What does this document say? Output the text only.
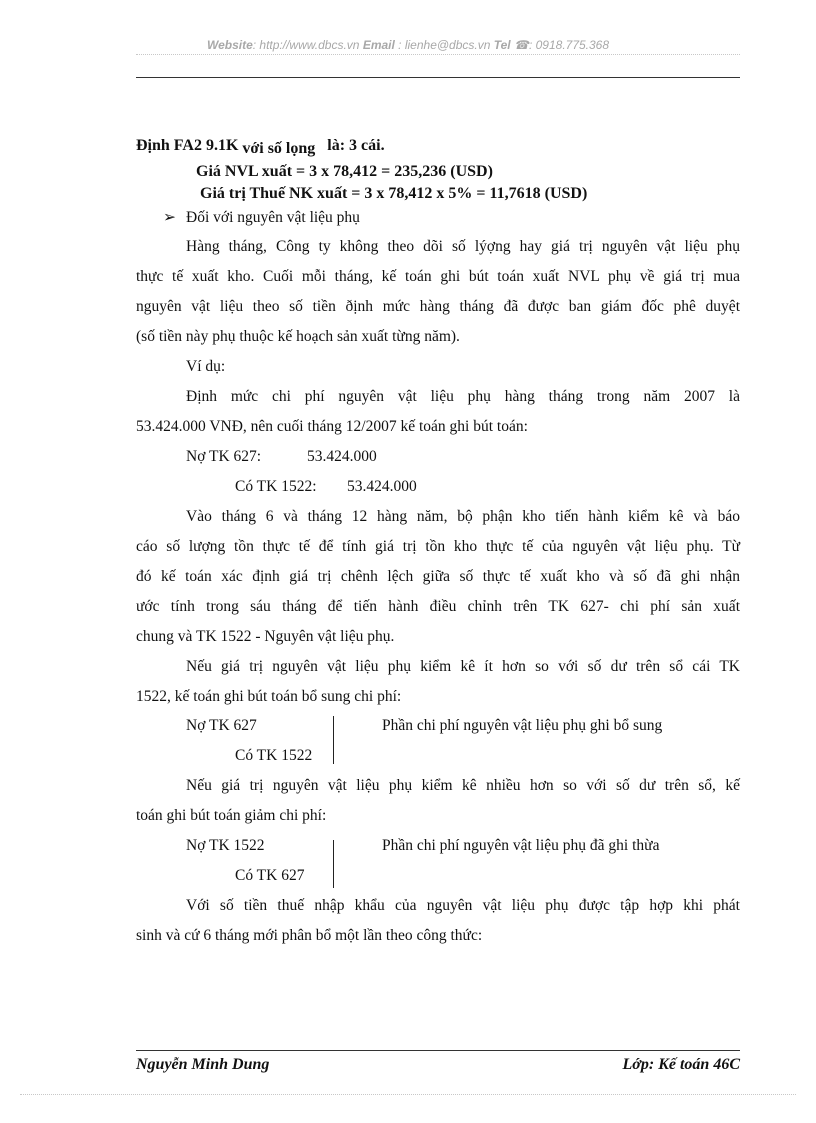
Website: http://www.dbcs.vn Email : lienhe@dbcs.vn Tel ☎: 0918.775.368
Định FA2 9.1K với số lọng   là: 3 cái.
Giá NVL xuất = 3 x 78,412 = 235,236 (USD)
Giá trị Thuế NK xuất = 3 x 78,412 x 5% = 11,7618 (USD)
➢ Đối với nguyên vật liệu phụ
Hàng tháng, Công ty không theo dõi số lýợng hay giá trị nguyên vật liệu phụ
thực tế xuất kho. Cuối mỗi tháng, kế toán ghi bút toán xuất NVL phụ về giá trị mua
nguyên vật liệu theo số tiền ðịnh mức hàng tháng đã được ban giám đốc phê duyệt
(số tiền này phụ thuộc kế hoạch sản xuất từng năm).
Ví dụ:
Định mức chi phí nguyên vật liệu phụ hàng tháng trong năm 2007 là
53.424.000 VNĐ, nên cuối tháng 12/2007 kế toán ghi bút toán:
Nợ TK 627:	53.424.000
Có TK 1522:	53.424.000
Vào tháng 6 và tháng 12 hàng năm, bộ phận kho tiến hành kiểm kê và báo
cáo số lượng tồn thực tế để tính giá trị tồn kho thực tế của nguyên vật liệu phụ. Từ
đó kế toán xác định giá trị chênh lệch giữa số thực tế xuất kho và số đã ghi nhận
ước tính trong sáu tháng để tiến hành điều chỉnh trên TK 627- chi phí sản xuất
chung và TK 1522 - Nguyên vật liệu phụ.
Nếu giá trị nguyên vật liệu phụ kiểm kê ít hơn so với số dư trên sổ cái TK
1522, kế toán ghi bút toán bổ sung chi phí:
Nợ TK 627	Phần chi phí nguyên vật liệu phụ ghi bổ sung
Có TK 1522
Nếu giá trị nguyên vật liệu phụ kiểm kê nhiều hơn so với số dư trên sổ, kế
toán ghi bút toán giảm chi phí:
Nợ TK 1522	Phần chi phí nguyên vật liệu phụ đã ghi thừa
Có TK 627
Với số tiền thuế nhập khẩu của nguyên vật liệu phụ được tập hợp khi phát
sinh và cứ 6 tháng mới phân bổ một lần theo công thức:
Nguyễn Minh Dung	Lớp: Kế toán 46C
